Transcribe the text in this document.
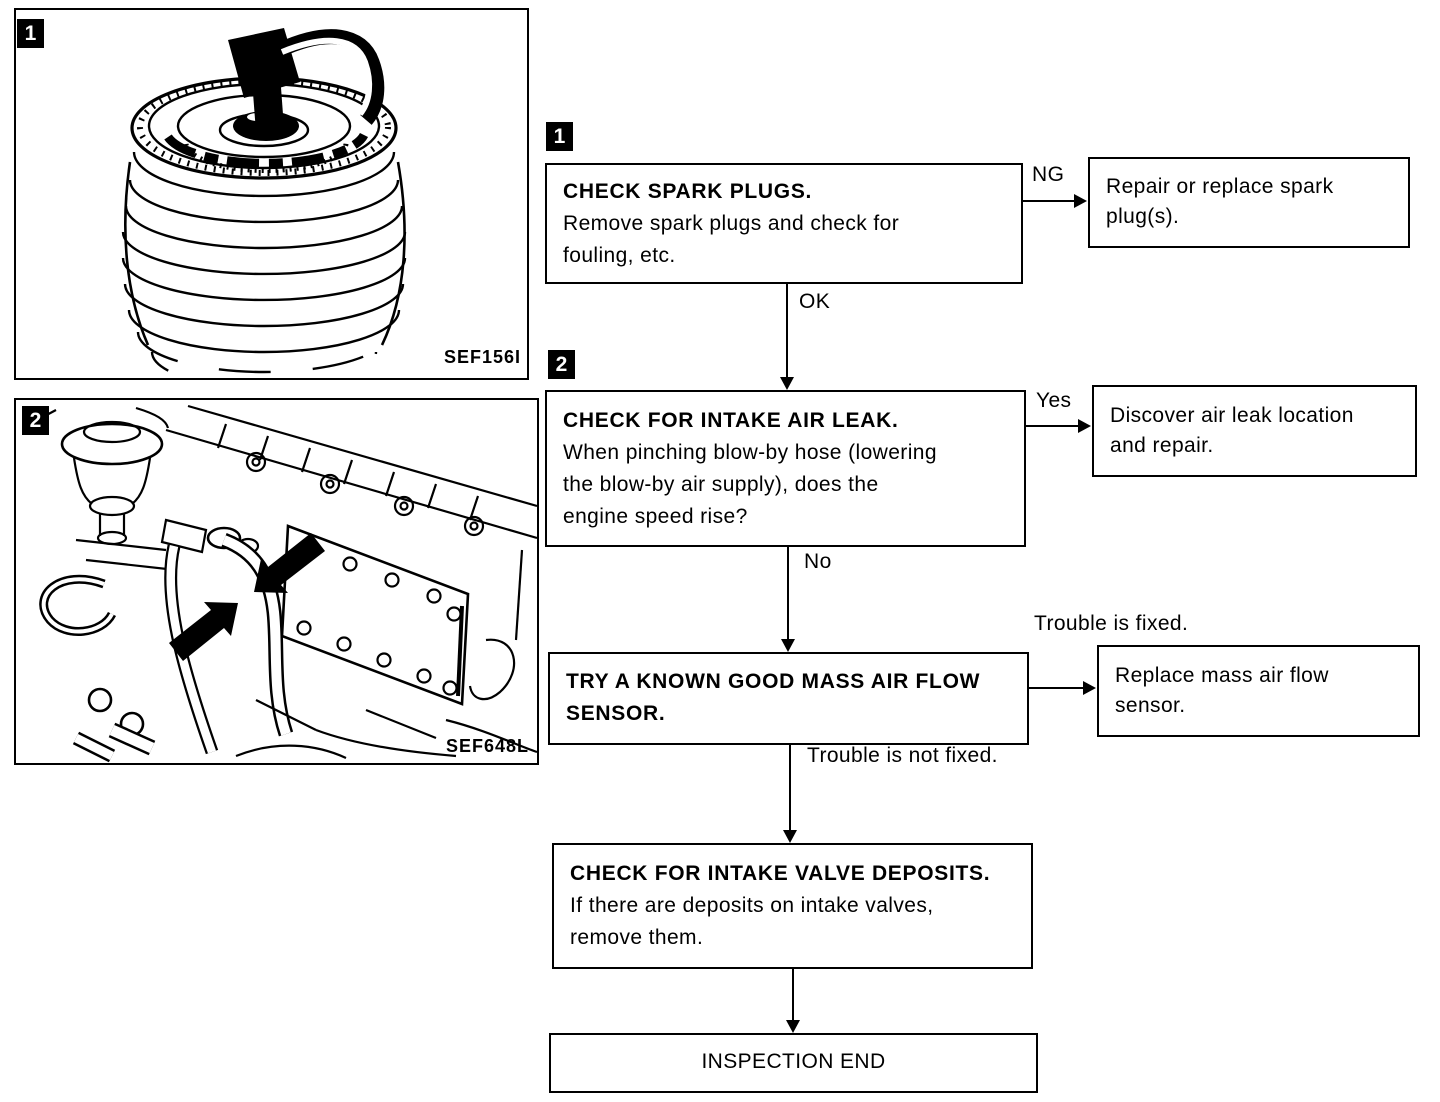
1
SEF156I
2
SEF648L
1
CHECK SPARK PLUGS.
Remove spark plugs and check for
fouling, etc.
NG
Repair or replace spark
plug(s).
OK
2
CHECK FOR INTAKE AIR LEAK.
When pinching blow-by hose (lowering
the blow-by air supply), does the
engine speed rise?
Yes
Discover air leak location
and repair.
No
TRY A KNOWN GOOD MASS AIR FLOW
SENSOR.
Trouble is fixed.
Replace mass air flow
sensor.
Trouble is not fixed.
CHECK FOR INTAKE VALVE DEPOSITS.
If there are deposits on intake valves,
remove them.
INSPECTION END
